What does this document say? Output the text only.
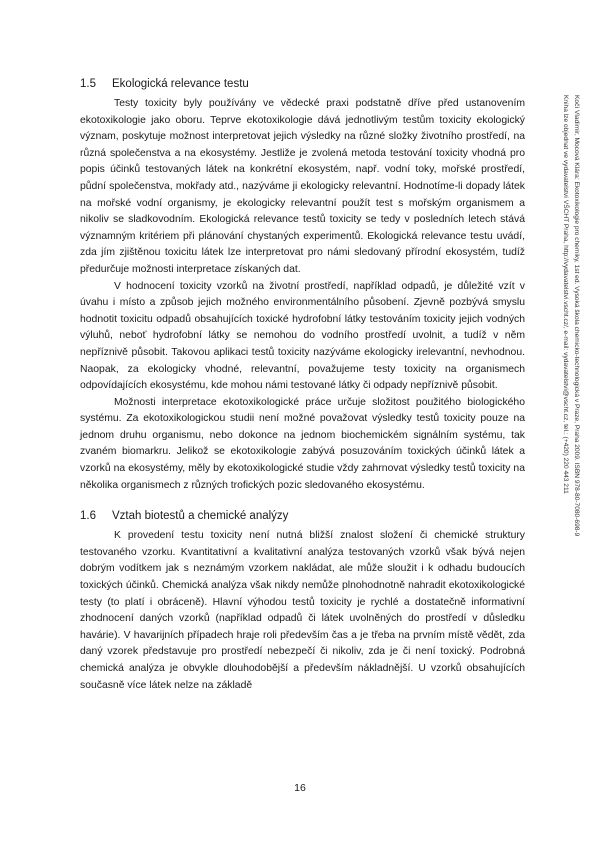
1.5	Ekologická relevance testu

Testy toxicity byly používány ve vědecké praxi podstatně dříve před ustanovením ekotoxikologie jako oboru. Teprve ekotoxikologie dává jednotlivým testům toxicity ekologický význam, poskytuje možnost interpretovat jejich výsledky na různé složky životního prostředí, na různá společenstva a na ekosystémy. Jestliže je zvolená metoda testování toxicity vhodná pro popis účinků testovaných látek na konkrétní ekosystém, např. vodní toky, mořské prostředí, půdní společenstva, mokřady atd., nazýváme ji ekologicky relevantní. Hodnotíme-li dopady látek na mořské vodní organismy, je ekologicky relevantní použít test s mořským organismem a nikoliv se sladkovodním. Ekologická relevance testů toxicity se tedy v posledních letech stává významným kritériem při plánování chystaných experimentů. Ekologická relevance testu uvádí, zda jím zjištěnou toxicitu látek lze interpretovat pro námi sledovaný přírodní ekosystém, tudíž předurčuje možnosti interpretace získaných dat.

V hodnocení toxicity vzorků na životní prostředí, například odpadů, je důležité vzít v úvahu i místo a způsob jejich možného environmentálního působení. Zjevně pozbývá smyslu hodnotit toxicitu odpadů obsahujících toxické hydrofobní látky testováním toxicity jejich vodných výluhů, neboť hydrofobní látky se nemohou do vodního prostředí uvolnit, a tudíž v něm nepříznivě působit. Takovou aplikaci testů toxicity nazýváme ekologicky irelevantní, nevhodnou. Naopak, za ekologicky vhodné, relevantní, považujeme testy toxicity na organismech odpovídajících ekosystému, kde mohou námi testované látky či odpady nepříznivě působit.

Možnosti interpretace ekotoxikologické práce určuje složitost použitého biologického systému. Za ekotoxikologickou studii není možné považovat výsledky testů toxicity pouze na jednom druhu organismu, nebo dokonce na jednom biochemickém signálním systému, tak zvaném biomarkru. Jelikož se ekotoxikologie zabývá posuzováním toxických účinků látek a vzorků na ekosystémy, měly by ekotoxikologické studie vždy zahrnovat výsledky testů toxicity na několika organismech z různých trofických pozic sledovaného ekosystému.

1.6	Vztah biotestů a chemické analýzy

K provedení testu toxicity není nutná bližší znalost složení či chemické struktury testovaného vzorku. Kvantitativní a kvalitativní analýza testovaných vzorků však bývá nejen dobrým vodítkem jak s neznámým vzorkem nakládat, ale může sloužit i k odhadu budoucích toxických účinků. Chemická analýza však nikdy nemůže plnohodnotně nahradit ekotoxikologické testy (to platí i obráceně). Hlavní výhodou testů toxicity je rychlé a dostatečně informativní zhodnocení daných vzorků (například odpadů či látek uvolněných do prostředí v důsledku havárie). V havarijních případech hraje roli především čas a je třeba na prvním místě vědět, zda daný vzorek představuje pro prostředí nebezpečí či nikoliv, zda je či není toxický. Podrobná chemická analýza je obvykle dlouhodobější a především nákladnější. U vzorků obsahujících současně více látek nelze na základě

Kočí Vladimír, Mocová Klára: Ekotoxikologie pro chemiky, 1st ed. Vysoká škola chemicko-technologická v Praze, Praha 2009. ISBN 978-80-7080-698-9
Kniha lze objednat ve vydavatelství VŠCHT Praha, http://vydavatelstvi.vscht.cz/, e-mail: vydavatelstvi@vscht.cz, tel.: (+420) 220 443 211
16
